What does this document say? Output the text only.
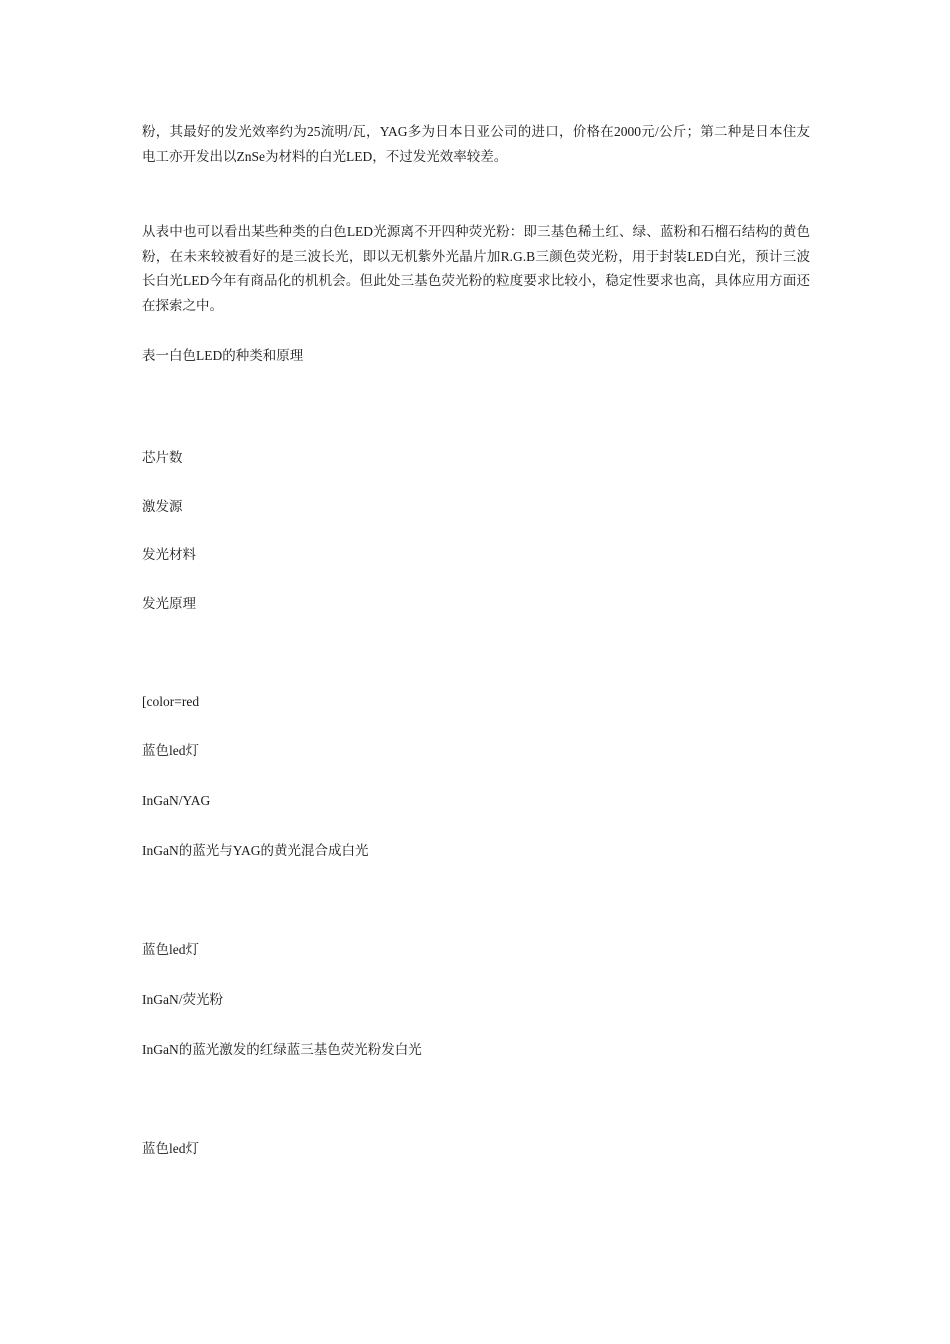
粉，其最好的发光效率约为25流明/瓦，YAG多为日本日亚公司的进口，价格在2000元/公斤；第二种是日本住友电工亦开发出以ZnSe为材料的白光LED，不过发光效率较差。

从表中也可以看出某些种类的白色LED光源离不开四种荧光粉：即三基色稀土红、绿、蓝粉和石榴石结构的黄色粉，在未来较被看好的是三波长光，即以无机紫外光晶片加R.G.B三颜色荧光粉，用于封装LED白光，预计三波长白光LED今年有商品化的机机会。但此处三基色荧光粉的粒度要求比较小，稳定性要求也高，具体应用方面还在探索之中。

表一白色LED的种类和原理

芯片数

激发源

发光材料

发光原理

[color=red

蓝色led灯

InGaN/YAG

InGaN的蓝光与YAG的黄光混合成白光

蓝色led灯

InGaN/荧光粉

InGaN的蓝光激发的红绿蓝三基色荧光粉发白光

蓝色led灯
